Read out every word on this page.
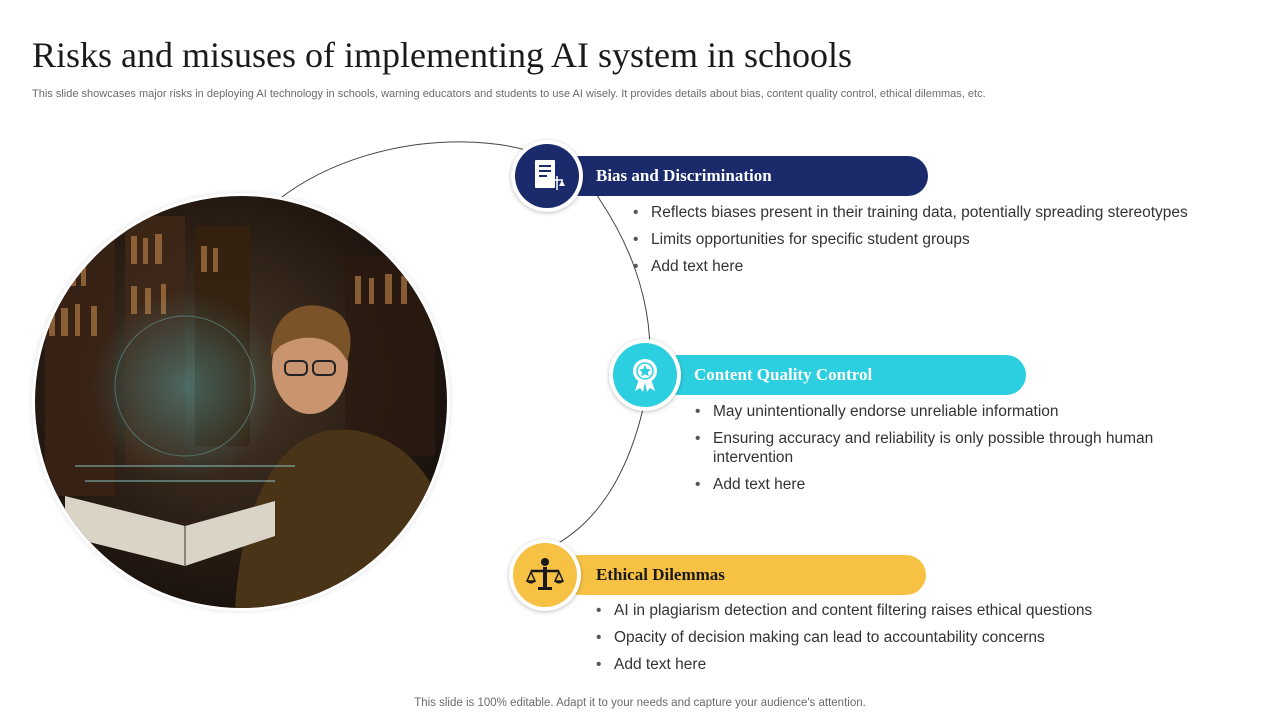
Risks and misuses of implementing AI system in schools
This slide showcases major risks in deploying AI technology in schools, warning educators and students to use AI wisely. It provides details about bias, content quality control, ethical dilemmas, etc.
Bias and Discrimination
• Reflects biases present in their training data, potentially spreading stereotypes
• Limits opportunities for specific student groups
• Add text here
Content Quality Control
• May unintentionally endorse unreliable information
• Ensuring accuracy and reliability is only possible through human intervention
• Add text here
Ethical Dilemmas
• AI in plagiarism detection and content filtering raises ethical questions
• Opacity of decision making can lead to accountability concerns
• Add text here
This slide is 100% editable. Adapt it to your needs and capture your audience's attention.
